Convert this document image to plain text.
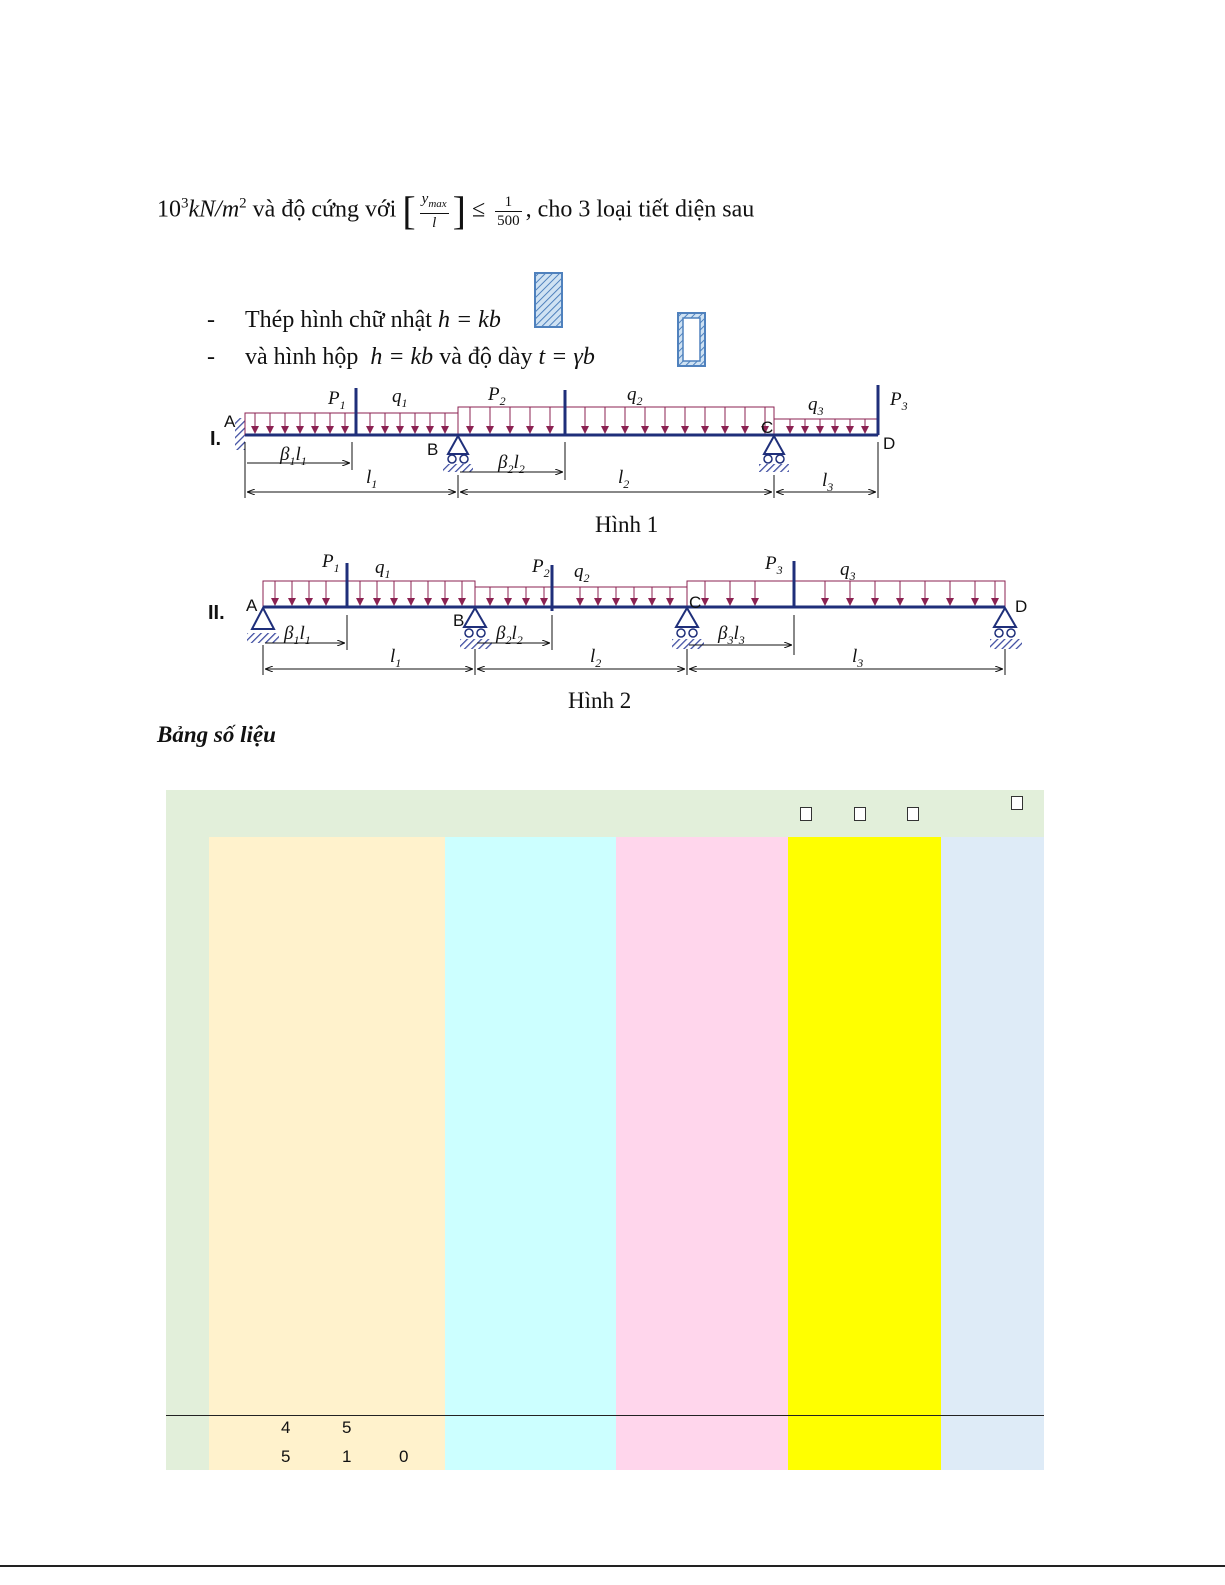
$10^3kN/m^2$ và độ cứng với [ $\frac{y_{max}}{l}$ ] ≤ $\frac{1}{500}$ , cho 3 loại tiết diện sau
- Thép hình chữ nhật h = kb
- và hình hộp h = kb và độ dày t = γb
I.
A
B
C
D
$P_1$ $q_1$	$P_2$	$q_2$	$q_3$
$P_3$
$\beta_1l_1$	$\beta_2l_2$
$l_1$	$l_2$	$l_3$
Hình 1
II. A
B
C	D
$P_1$ $q_1$	$P_2$ $q_2$
$P_3$	$q_3$
$\beta_1l_1$	$\beta_2l_2$	$\beta_3l_3$
$l_1$	$l_2$	$l_3$
Hình 2
Bảng số liệu
4	5
5	1	0
